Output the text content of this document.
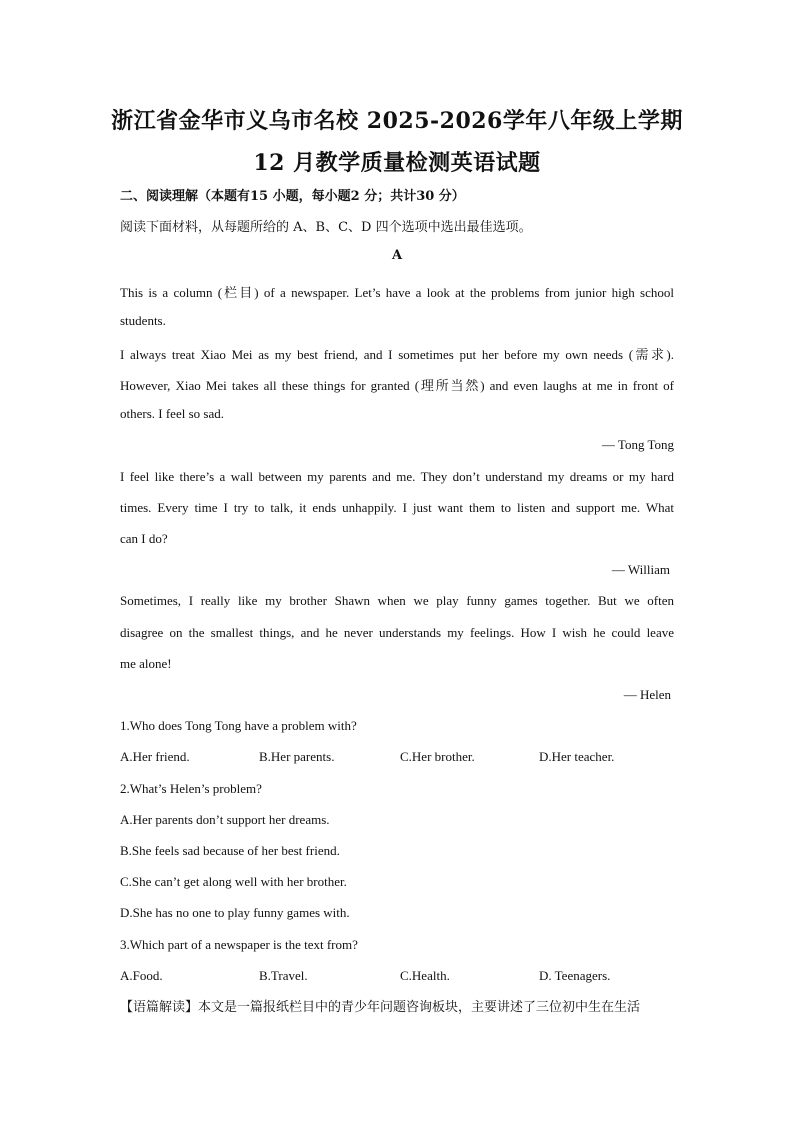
浙江省金华市义乌市名校 2025-2026学年八年级上学期
12 月教学质量检测英语试题
二、阅读理解（本题有15 小题，每小题2 分；共计30 分）
阅读下面材料，从每题所给的 A、B、C、D 四个选项中选出最佳选项。
A
This is a column (栏目) of a newspaper. Let’s have a look at the problems from junior high school
students.
I always treat Xiao Mei as my best friend, and I sometimes put her before my own needs (需求).
However, Xiao Mei takes all these things for granted (理所当然) and even laughs at me in front of
others. I feel so sad.
— Tong Tong
I feel like there’s a wall between my parents and me. They don’t understand my dreams or my hard
times. Every time I try to talk, it ends unhappily. I just want them to listen and support me. What
can I do?
— William
Sometimes, I really like my brother Shawn when we play funny games together. But we often
disagree on the smallest things, and he never understands my feelings. How I wish he could leave
me alone!
— Helen
1.Who does Tong Tong have a problem with?
A.Her friend.	B.Her parents.	C.Her brother.	D.Her teacher.
2.What’s Helen’s problem?
A.Her parents don’t support her dreams.
B.She feels sad because of her best friend.
C.She can’t get along well with her brother.
D.She has no one to play funny games with.
3.Which part of a newspaper is the text from?
A.Food.	B.Travel.	C.Health.	D. Teenagers.
【语篇解读】本文是一篇报纸栏目中的青少年问题咨询板块，主要讲述了三位初中生在生活
